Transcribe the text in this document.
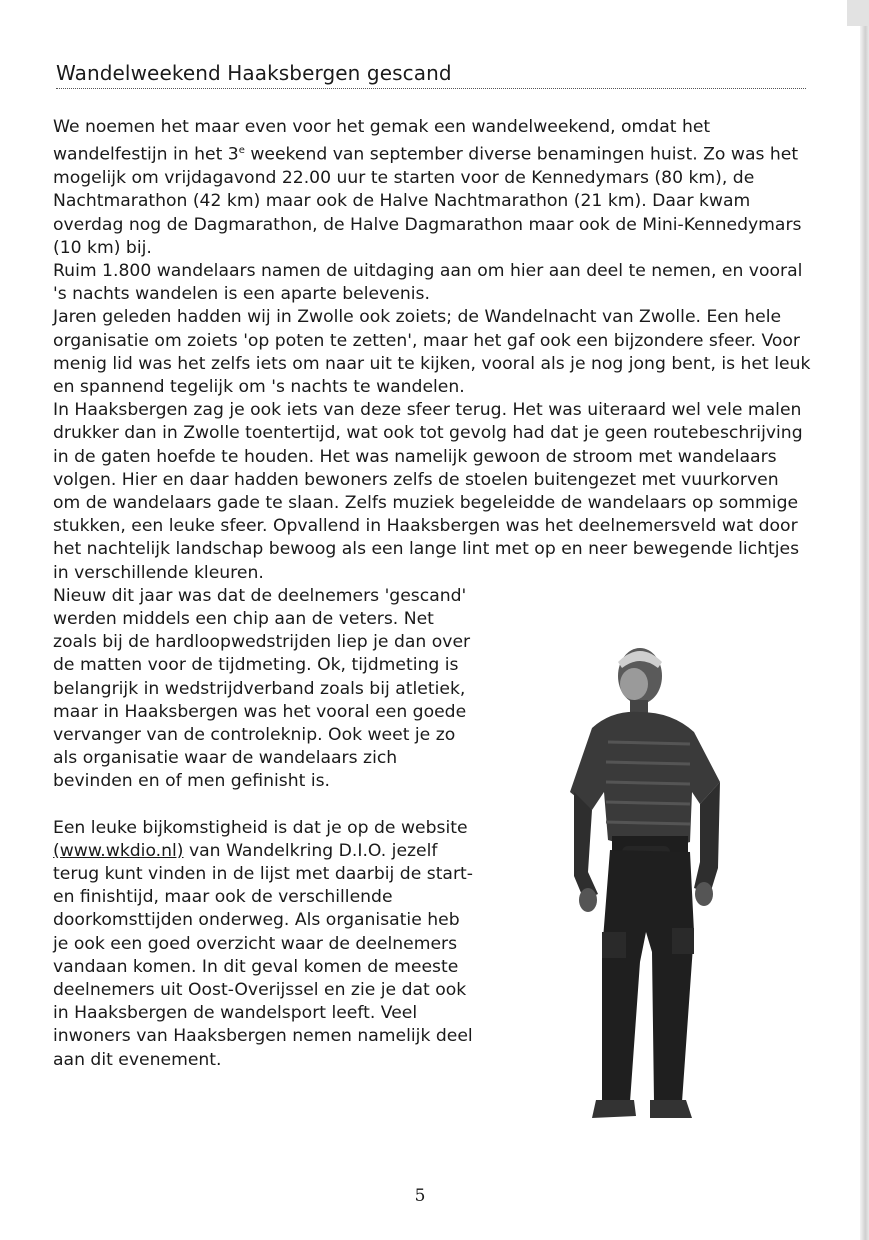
Wandelweekend Haaksbergen gescand

We noemen het maar even voor het gemak een wandelweekend, omdat het wandelfestijn in het 3e weekend van september diverse benamingen huist. Zo was het mogelijk om vrijdagavond 22.00 uur te starten voor de Kennedymars (80 km), de Nachtmarathon (42 km) maar ook de Halve Nachtmarathon (21 km). Daar kwam overdag nog de Dagmarathon, de Halve Dagmarathon maar ook de Mini-Kennedymars (10 km) bij.

Ruim 1.800 wandelaars namen de uitdaging aan om hier aan deel te nemen, en vooral 's nachts wandelen is een aparte belevenis.

Jaren geleden hadden wij in Zwolle ook zoiets; de Wandelnacht van Zwolle. Een hele organisatie om zoiets 'op poten te zetten', maar het gaf ook een bijzondere sfeer. Voor menig lid was het zelfs iets om naar uit te kijken, vooral als je nog jong bent, is het leuk en spannend tegelijk om 's nachts te wandelen.

In Haaksbergen zag je ook iets van deze sfeer terug. Het was uiteraard wel vele malen drukker dan in Zwolle toentertijd, wat ook tot gevolg had dat je geen routebeschrijving in de gaten hoefde te houden. Het was namelijk gewoon de stroom met wandelaars volgen. Hier en daar hadden bewoners zelfs de stoelen buitengezet met vuurkorven om de wandelaars gade te slaan. Zelfs muziek begeleidde de wandelaars op sommige stukken, een leuke sfeer. Opvallend in Haaksbergen was het deelnemersveld wat door het nachtelijk landschap bewoog als een lange lint met op en neer bewegende lichtjes in verschillende kleuren.

Nieuw dit jaar was dat de deelnemers 'gescand' werden middels een chip aan de veters. Net zoals bij de hardloopwedstrijden liep je dan over de matten voor de tijdmeting. Ok, tijdmeting is belangrijk in wedstrijdverband zoals bij atletiek, maar in Haaksbergen was het vooral een goede vervanger van de controleknip. Ook weet je zo als organisatie waar de wandelaars zich bevinden en of men gefinisht is.

Een leuke bijkomstigheid is dat je op de website (www.wkdio.nl) van Wandelkring D.I.O. jezelf terug kunt vinden in de lijst met daarbij de start- en finishtijd, maar ook de verschillende doorkomsttijden onderweg. Als organisatie heb je ook een goed overzicht waar de deelnemers vandaan komen. In dit geval komen de meeste deelnemers uit Oost-Overijssel en zie je dat ook in Haaksbergen de wandelsport leeft. Veel inwoners van Haaksbergen nemen namelijk deel aan dit evenement.

5
